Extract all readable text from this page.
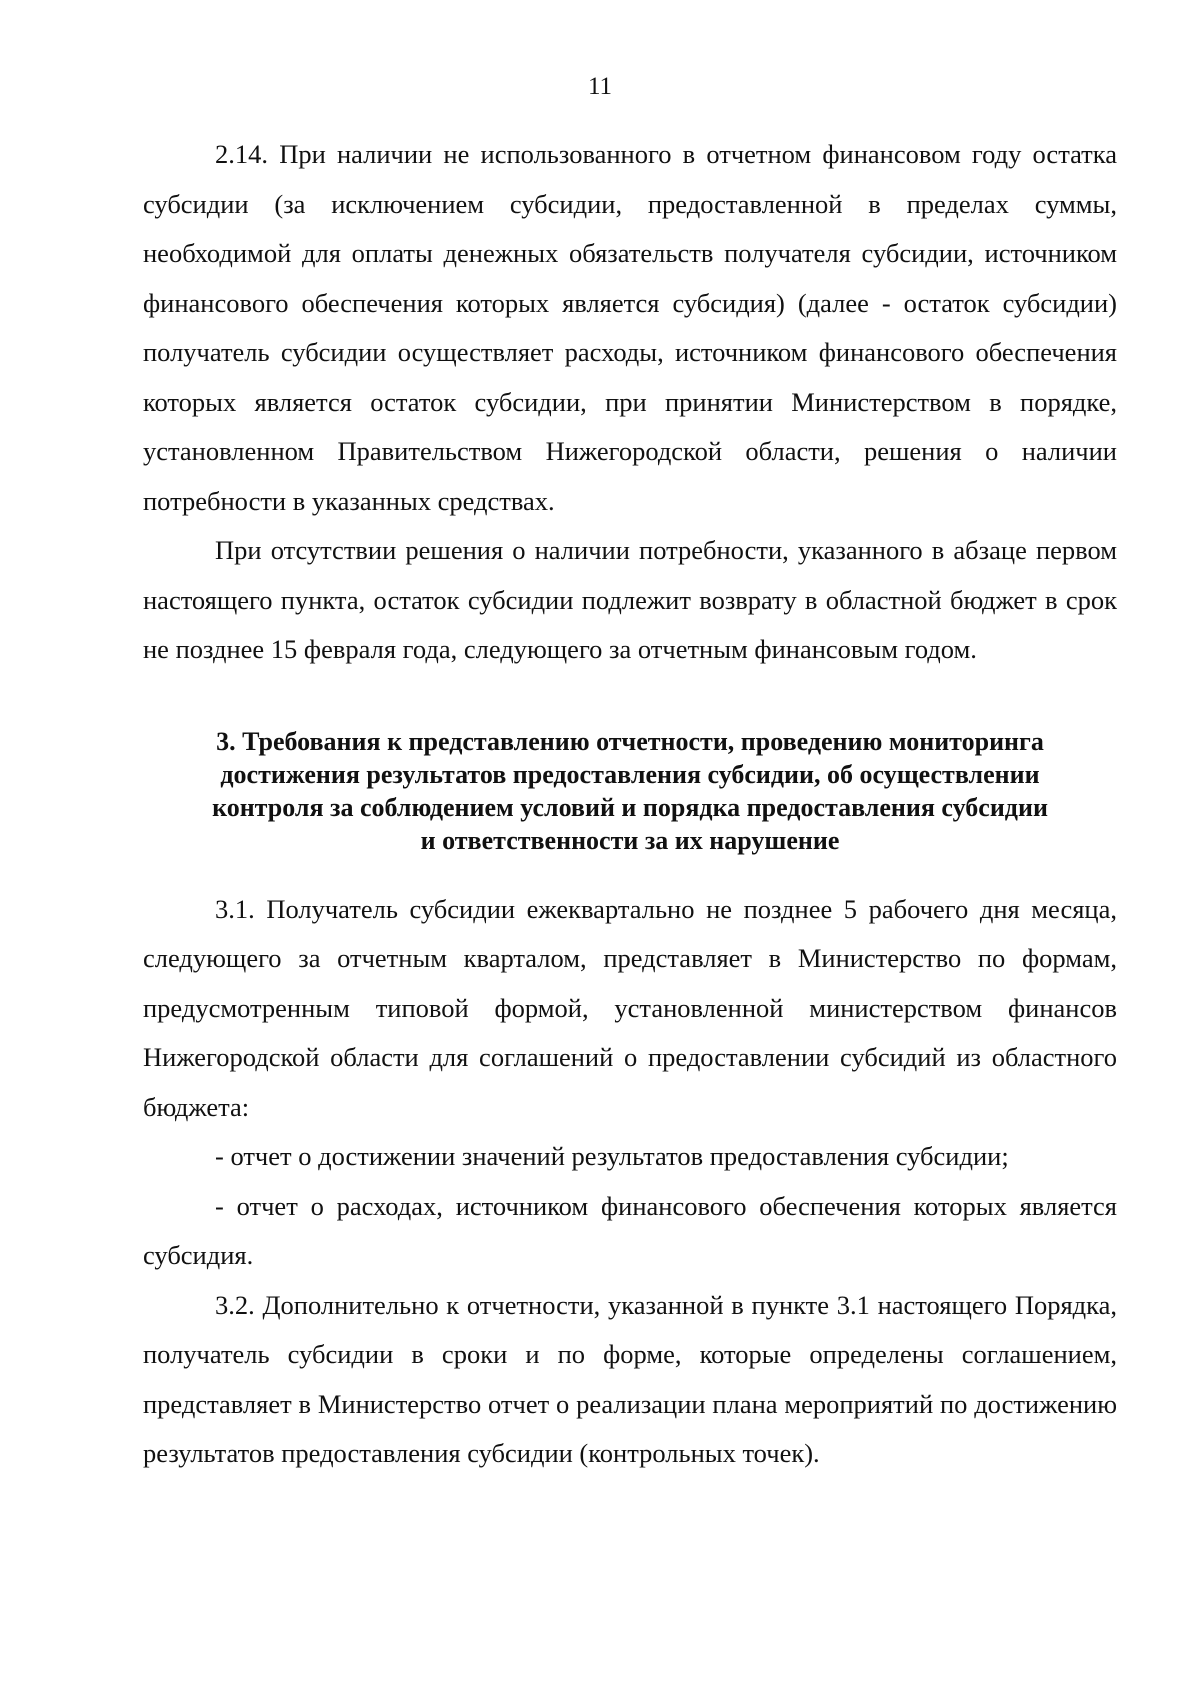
11

2.14. При наличии не использованного в отчетном финансовом году остатка субсидии (за исключением субсидии, предоставленной в пределах суммы, необходимой для оплаты денежных обязательств получателя субсидии, источником финансового обеспечения которых является субсидия) (далее - остаток субсидии) получатель субсидии осуществляет расходы, источником финансового обеспечения которых является остаток субсидии, при принятии Министерством в порядке, установленном Правительством Нижегородской области, решения о наличии потребности в указанных средствах.

При отсутствии решения о наличии потребности, указанного в абзаце первом настоящего пункта, остаток субсидии подлежит возврату в областной бюджет в срок не позднее 15 февраля года, следующего за отчетным финансовым годом.

3. Требования к представлению отчетности, проведению мониторинга
достижения результатов предоставления субсидии, об осуществлении
контроля за соблюдением условий и порядка предоставления субсидии
и ответственности за их нарушение

3.1. Получатель субсидии ежеквартально не позднее 5 рабочего дня месяца, следующего за отчетным кварталом, представляет в Министерство по формам, предусмотренным типовой формой, установленной министерством финансов Нижегородской области для соглашений о предоставлении субсидий из областного бюджета:

- отчет о достижении значений результатов предоставления субсидии;

- отчет о расходах, источником финансового обеспечения которых является субсидия.

3.2. Дополнительно к отчетности, указанной в пункте 3.1 настоящего Порядка, получатель субсидии в сроки и по форме, которые определены соглашением, представляет в Министерство отчет о реализации плана мероприятий по достижению результатов предоставления субсидии (контрольных точек).
